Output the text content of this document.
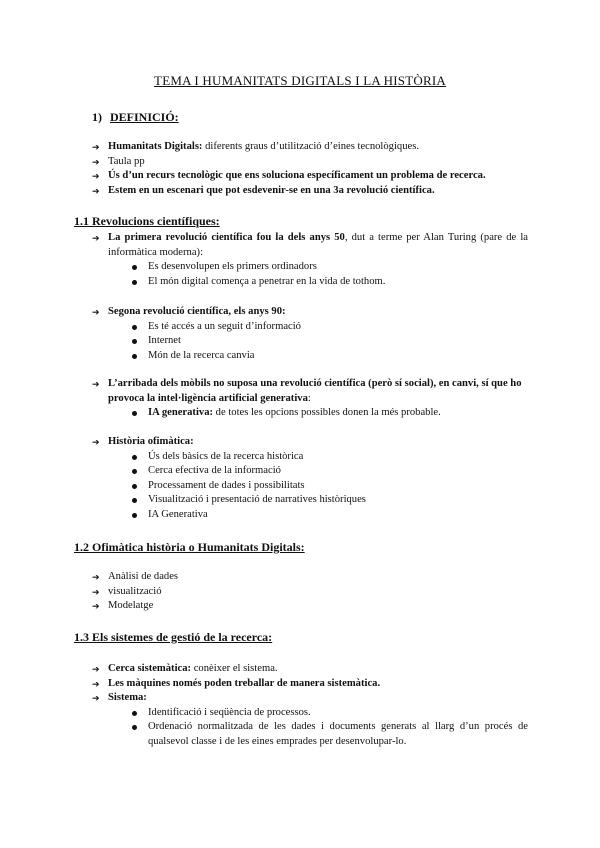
TEMA I HUMANITATS DIGITALS I LA HISTÒRIA
1) DEFINICIÓ:
➔ Humanitats Digitals: diferents graus d’utilització d’eines tecnològiques.
➔ Taula pp
➔ Ús d’un recurs tecnològic que ens soluciona específicament un problema de recerca.
➔ Estem en un escenari que pot esdevenir-se en una 3a revolució científica.
1.1 Revolucions científiques:
➔ La primera revolució científica fou la dels anys 50, dut a terme per Alan Turing (pare de la informàtica moderna):
Es desenvolupen els primers ordinadors
El món digital comença a penetrar en la vida de tothom.
➔ Segona revolució científica, els anys 90:
Es té accés a un seguit d’informació
Internet
Món de la recerca canvia
➔ L’arribada dels mòbils no suposa una revolució científica (però sí social), en canvi, sí que ho provoca la intel·ligència artificial generativa:
IA generativa: de totes les opcions possibles donen la més probable.
➔ Història ofimàtica:
Ús dels bàsics de la recerca històrica
Cerca efectiva de la informació
Processament de dades i possibilitats
Visualització i presentació de narratives històriques
IA Generativa
1.2 Ofimàtica història o Humanitats Digitals:
➔ Anàlisi de dades
➔ visualització
➔ Modelatge
1.3 Els sistemes de gestió de la recerca:
➔ Cerca sistemàtica: conèixer el sistema.
➔ Les màquines només poden treballar de manera sistemàtica.
➔ Sistema:
Identificació i seqüència de processos.
Ordenació normalitzada de les dades i documents generats al llarg d’un procés de qualsevol classe i de les eines emprades per desenvolupar-lo.
